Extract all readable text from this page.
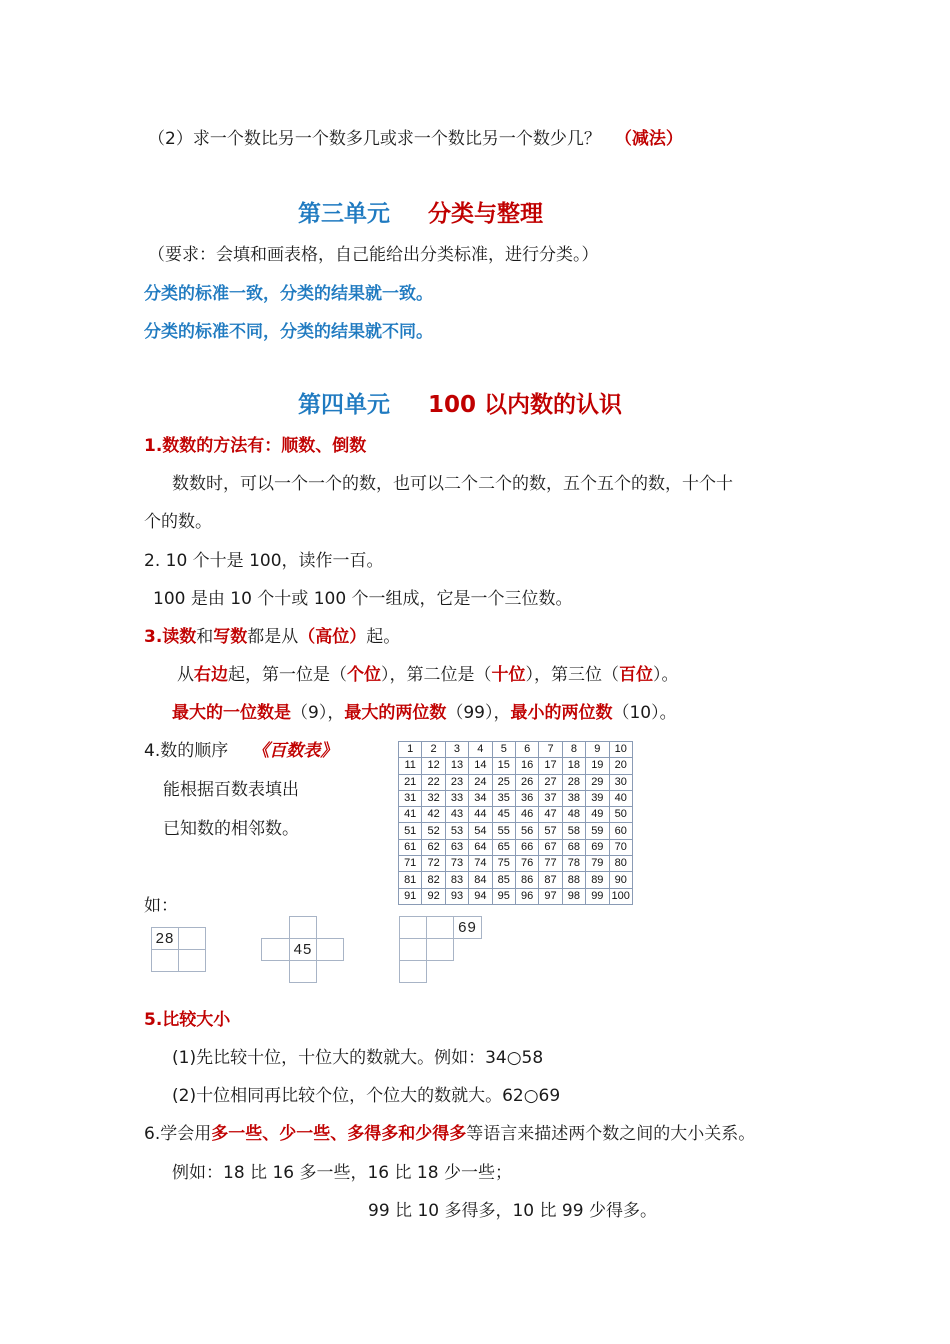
（2）求一个数比另一个数多几或求一个数比另一个数少几？ （减法）
第三单元 分类与整理
（要求：会填和画表格，自己能给出分类标准，进行分类。）
分类的标准一致，分类的结果就一致。
分类的标准不同，分类的结果就不同。
第四单元 100 以内数的认识
1.数数的方法有：顺数、倒数
数数时，可以一个一个的数，也可以二个二个的数，五个五个的数，十个十
个的数。
2. 10 个十是 100，读作一百。
100 是由 10 个十或 100 个一组成，它是一个三位数。
3.读数和写数都是从（高位）起。
从右边起，第一位是（个位），第二位是（十位），第三位（百位）。
最大的一位数是（9），最大的两位数（99），最小的两位数（10）。
4.数的顺序 《百数表》
能根据百数表填出
已知数的相邻数。
1	2	3	4	5	6	7	8	9	10
11	12	13	14	15	16	17	18	19	20
21	22	23	24	25	26	27	28	29	30
31	32	33	34	35	36	37	38	39	40
41	42	43	44	45	46	47	48	49	50
51	52	53	54	55	56	57	58	59	60
61	62	63	64	65	66	67	68	69	70
71	72	73	74	75	76	77	78	79	80
81	82	83	84	85	86	87	88	89	90
91	92	93	94	95	96	97	98	99	100
如：
28
45
69
5.比较大小
(1)先比较十位，十位大的数就大。例如：34○58
(2)十位相同再比较个位，个位大的数就大。62○69
6.学会用多一些、少一些、多得多和少得多等语言来描述两个数之间的大小关系。
例如：18 比 16 多一些，16 比 18 少一些；
99 比 10 多得多，10 比 99 少得多。
